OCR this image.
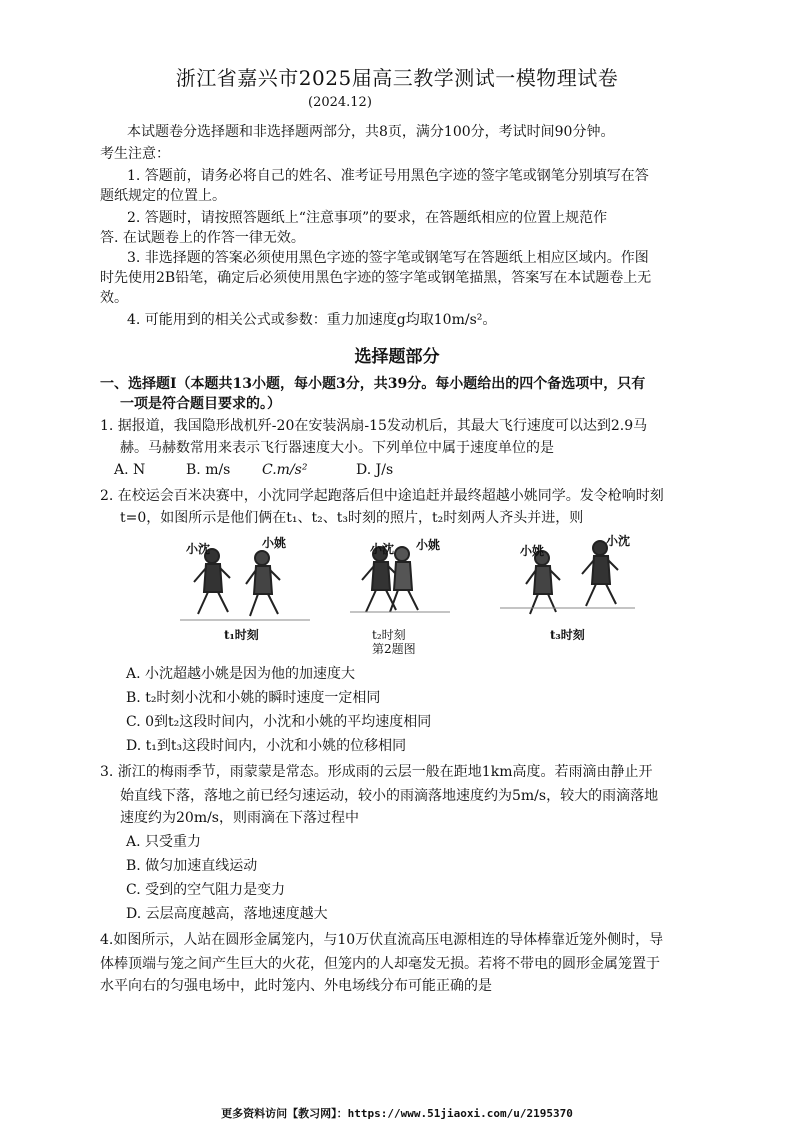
浙江省嘉兴市2025届高三教学测试一模物理试卷
(2024.12)
本试题卷分选择题和非选择题两部分，共8页，满分100分，考试时间90分钟。
考生注意：
1. 答题前，请务必将自己的姓名、准考证号用黑色字迹的签字笔或钢笔分别填写在答
题纸规定的位置上。
2. 答题时，请按照答题纸上“注意事项”的要求，在答题纸相应的位置上规范作
答. 在试题卷上的作答一律无效。
3. 非选择题的答案必须使用黑色字迹的签字笔或钢笔写在答题纸上相应区域内。作图
时先使用2B铅笔，确定后必须使用黑色字迹的签字笔或钢笔描黑，答案写在本试题卷上无
效。
4. 可能用到的相关公式或参数：重力加速度g均取10m/s²。
选择题部分
一、选择题Ⅰ（本题共13小题，每小题3分，共39分。每小题给出的四个备选项中，只有
一项是符合题目要求的。）
1. 据报道，我国隐形战机歼-20在安装涡扇-15发动机后，其最大飞行速度可以达到2.9马
赫。马赫数常用来表示飞行器速度大小。下列单位中属于速度单位的是
A. N	B. m/s C.m/s²	D. J/s
2. 在校运会百米决赛中，小沈同学起跑落后但中途追赶并最终超越小姚同学。发令枪响时刻
t=0，如图所示是他们俩在t₁、t₂、t₃时刻的照片，t₂时刻两人齐头并进，则
小沈	小姚	小沈 小姚	小姚
小沈
t₁时刻	t₂时刻
第2题图
t₃时刻
A. 小沈超越小姚是因为他的加速度大
B. t₂时刻小沈和小姚的瞬时速度一定相同
C. 0到t₂这段时间内，小沈和小姚的平均速度相同
D. t₁到t₃这段时间内，小沈和小姚的位移相同
3. 浙江的梅雨季节，雨蒙蒙是常态。形成雨的云层一般在距地1km高度。若雨滴由静止开
始直线下落，落地之前已经匀速运动，较小的雨滴落地速度约为5m/s，较大的雨滴落地
速度约为20m/s，则雨滴在下落过程中
A. 只受重力
B. 做匀加速直线运动
C. 受到的空气阻力是变力
D. 云层高度越高，落地速度越大
4.如图所示，人站在圆形金属笼内，与10万伏直流高压电源相连的导体棒靠近笼外侧时，导
体棒顶端与笼之间产生巨大的火花，但笼内的人却毫发无损。若将不带电的圆形金属笼置于
水平向右的匀强电场中，此时笼内、外电场线分布可能正确的是
更多资料访问【教习网】：https://www.51jiaoxi.com/u/2195370
